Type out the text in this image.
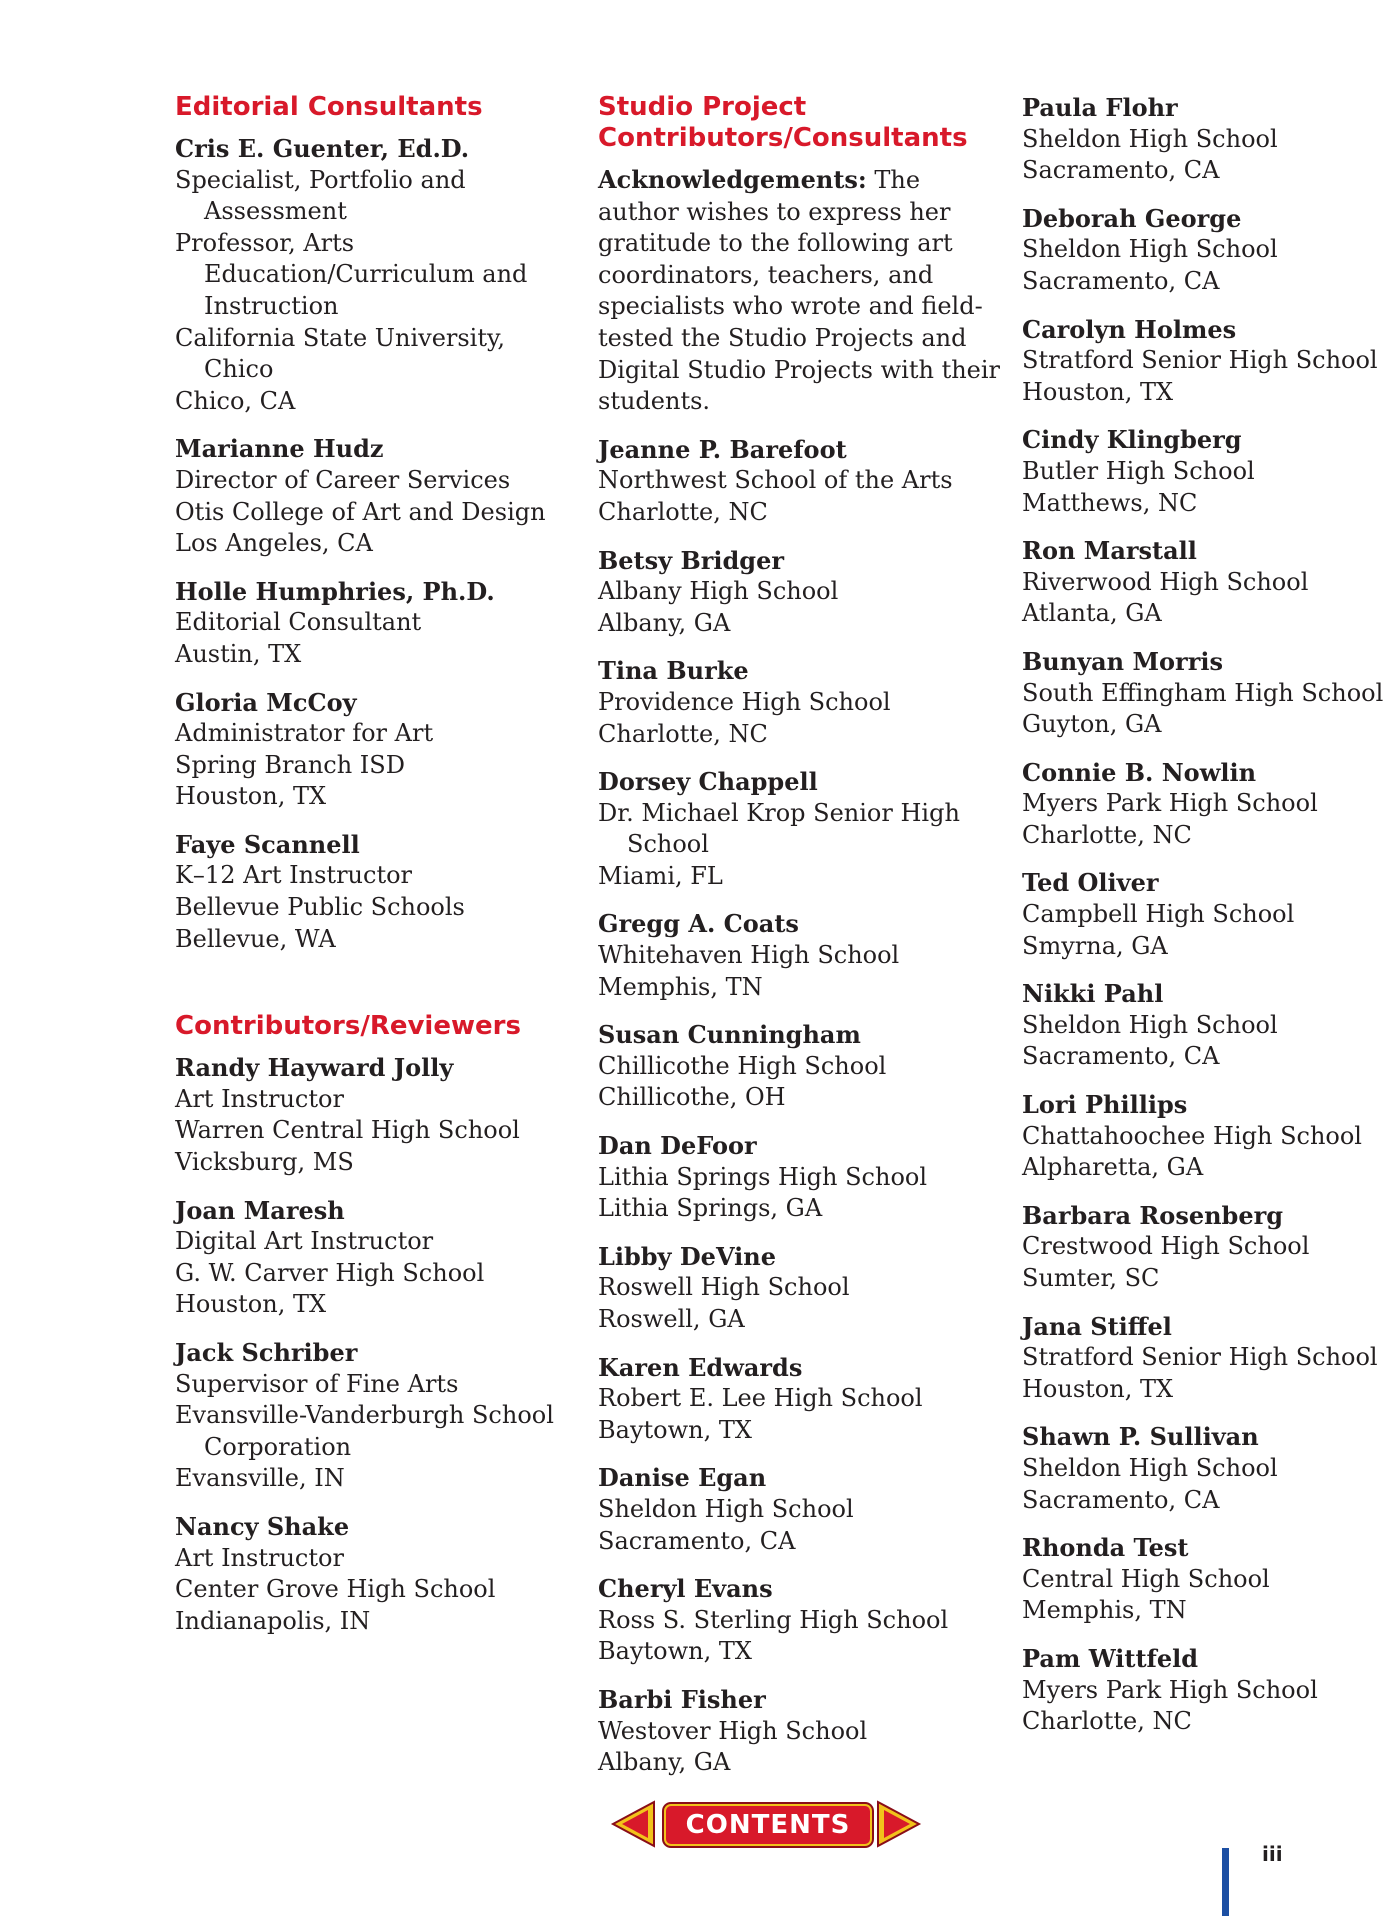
Editorial Consultants
Cris E. Guenter, Ed.D.
Specialist, Portfolio and Assessment
Professor, Arts Education/Curriculum and Instruction
California State University, Chico
Chico, CA
Marianne Hudz
Director of Career Services
Otis College of Art and Design
Los Angeles, CA
Holle Humphries, Ph.D.
Editorial Consultant
Austin, TX
Gloria McCoy
Administrator for Art
Spring Branch ISD
Houston, TX
Faye Scannell
K–12 Art Instructor
Bellevue Public Schools
Bellevue, WA
Contributors/Reviewers
Randy Hayward Jolly
Art Instructor
Warren Central High School
Vicksburg, MS
Joan Maresh
Digital Art Instructor
G. W. Carver High School
Houston, TX
Jack Schriber
Supervisor of Fine Arts
Evansville-Vanderburgh School Corporation
Evansville, IN
Nancy Shake
Art Instructor
Center Grove High School
Indianapolis, IN
Studio Project
Contributors/Consultants
Acknowledgements: The author wishes to express her gratitude to the following art coordinators, teachers, and specialists who wrote and field-tested the Studio Projects and Digital Studio Projects with their students.
Jeanne P. Barefoot
Northwest School of the Arts
Charlotte, NC
Betsy Bridger
Albany High School
Albany, GA
Tina Burke
Providence High School
Charlotte, NC
Dorsey Chappell
Dr. Michael Krop Senior High School
Miami, FL
Gregg A. Coats
Whitehaven High School
Memphis, TN
Susan Cunningham
Chillicothe High School
Chillicothe, OH
Dan DeFoor
Lithia Springs High School
Lithia Springs, GA
Libby DeVine
Roswell High School
Roswell, GA
Karen Edwards
Robert E. Lee High School
Baytown, TX
Danise Egan
Sheldon High School
Sacramento, CA
Cheryl Evans
Ross S. Sterling High School
Baytown, TX
Barbi Fisher
Westover High School
Albany, GA
Paula Flohr
Sheldon High School
Sacramento, CA
Deborah George
Sheldon High School
Sacramento, CA
Carolyn Holmes
Stratford Senior High School
Houston, TX
Cindy Klingberg
Butler High School
Matthews, NC
Ron Marstall
Riverwood High School
Atlanta, GA
Bunyan Morris
South Effingham High School
Guyton, GA
Connie B. Nowlin
Myers Park High School
Charlotte, NC
Ted Oliver
Campbell High School
Smyrna, GA
Nikki Pahl
Sheldon High School
Sacramento, CA
Lori Phillips
Chattahoochee High School
Alpharetta, GA
Barbara Rosenberg
Crestwood High School
Sumter, SC
Jana Stiffel
Stratford Senior High School
Houston, TX
Shawn P. Sullivan
Sheldon High School
Sacramento, CA
Rhonda Test
Central High School
Memphis, TN
Pam Wittfeld
Myers Park High School
Charlotte, NC
CONTENTS
iii
